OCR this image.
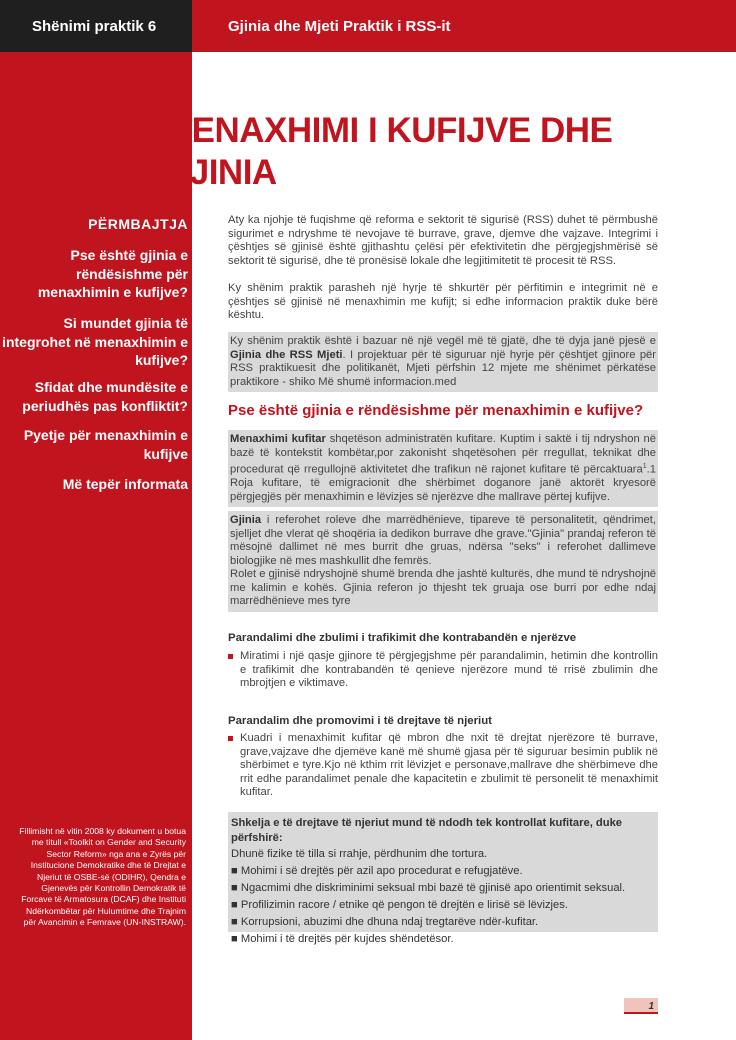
Shënimi praktik 6	Gjinia dhe Mjeti Praktik i RSS-it
MENAXHIMI I KUFIJVE DHE
GJINIA
PËRMBAJTJA
Pse është gjinia e rëndësishme për menaxhimin e kufijve?
Si mundet gjinia të integrohet në menaxhimin e kufijve?
Sfidat dhe mundësite e periudhës pas konfliktit?
Pyetje për menaxhimin e kufijve
Më tepër informata
Fillimisht në vitin 2008 ky dokument u botua me titull «Toolkit on Gender and Security Sector Reform» nga ana e Zyrës për Institucione Demokratike dhe të Drejtat e Njeriut të OSBE-së (ODIHR), Qendra e Gjenevës për Kontrollin Demokratik të Forcave të Armatosura (DCAF) dhe Instituti Ndërkombëtar për Hulumtime dhe Trajnim për Avancimin e Femrave (UN-INSTRAW).
Aty ka njohje të fuqishme që reforma e sektorit të sigurisë (RSS) duhet të përmbushë sigurimet e ndryshme të nevojave të burrave, grave, djemve dhe vajzave. Integrimi i çështjes së gjinisë është gjithashtu çelësi për efektivitetin dhe përgjegjshmërisë së sektorit të sigurisë, dhe të pronësisë lokale dhe legjitimitetit të procesit të RSS.
Ky shënim praktik parasheh një hyrje të shkurtër për përfitimin e integrimit në e çështjes së gjinisë në menaxhimin me kufijt; si edhe informacion praktik duke bërë kështu.
Ky shënim praktik është i bazuar në një vegël më të gjatë, dhe të dyja janë pjesë e Gjinia dhe RSS Mjeti. I projektuar për të siguruar një hyrje për çështjet gjinore për RSS praktikuesit dhe politikanët, Mjeti përfshin 12 mjete me shënimet përkatëse praktikore - shiko Më shumë informacion.med
Pse është gjinia e rëndësishme për menaxhimin e kufijve?
Menaxhimi kufitar shqetëson administratën kufitare. Kuptim i saktë i tij ndryshon në bazë të kontekstit kombëtar,por zakonisht shqetësohen për rregullat, teknikat dhe procedurat që rregullojnë aktivitetet dhe trafikun në rajonet kufitare të përcaktuara$^1$.1 Roja kufitare, të emigracionit dhe shërbimet doganore janë aktorët kryesorë përgjegjës për menaxhimin e lëvizjes së njerëzve dhe mallrave përtej kufijve.
Gjinia i referohet roleve dhe marrëdhënieve, tipareve të personalitetit, qëndrimet, sjelljet dhe vlerat që shoqëria ia dedikon burrave dhe grave."Gjinia" prandaj referon të mësojnë dallimet në mes burrit dhe gruas, ndërsa "seks" i referohet dallimeve biologjike në mes mashkullit dhe femrës.
Rolet e gjinisë ndryshojnë shumë brenda dhe jashtë kulturës, dhe mund të ndryshojnë me kalimin e kohës. Gjinia referon jo thjesht tek gruaja ose burri por edhe ndaj marrëdhënieve mes tyre
Parandalimi dhe zbulimi i trafikimit dhe kontrabandën e njerëzve
Miratimi i një qasje gjinore të përgjegjshme për parandalimin, hetimin dhe kontrollin e trafikimit dhe kontrabandën të qenieve njerëzore mund të rrisë zbulimin dhe mbrojtjen e viktimave.
Parandalim dhe promovimi i të drejtave të njeriut
Kuadri i menaxhimit kufitar që mbron dhe nxit të drejtat njerëzore të burrave, grave,vajzave dhe djemëve kanë më shumë gjasa për të siguruar besimin publik në shërbimet e tyre.Kjo në kthim rrit lëvizjet e personave,mallrave dhe shërbimeve dhe rrit edhe parandalimet penale dhe kapacitetin e zbulimit të personelit të menaxhimit kufitar.
Shkelja e të drejtave të njeriut mund të ndodh tek kontrollat kufitare, duke përfshirë:
Dhunë fizike të tilla si rrahje, përdhunim dhe tortura.
■ Mohimi i së drejtës për azil apo procedurat e refugjatëve.
■ Ngacmimi dhe diskriminimi seksual mbi bazë të gjinisë apo orientimit seksual.
■ Profilizimin racore / etnike që pengon të drejtën e lirisë së lëvizjes.
■ Korrupsioni, abuzimi dhe dhuna ndaj tregtarëve ndër-kufitar.
■ Mohimi i të drejtës për kujdes shëndetësor.
1
